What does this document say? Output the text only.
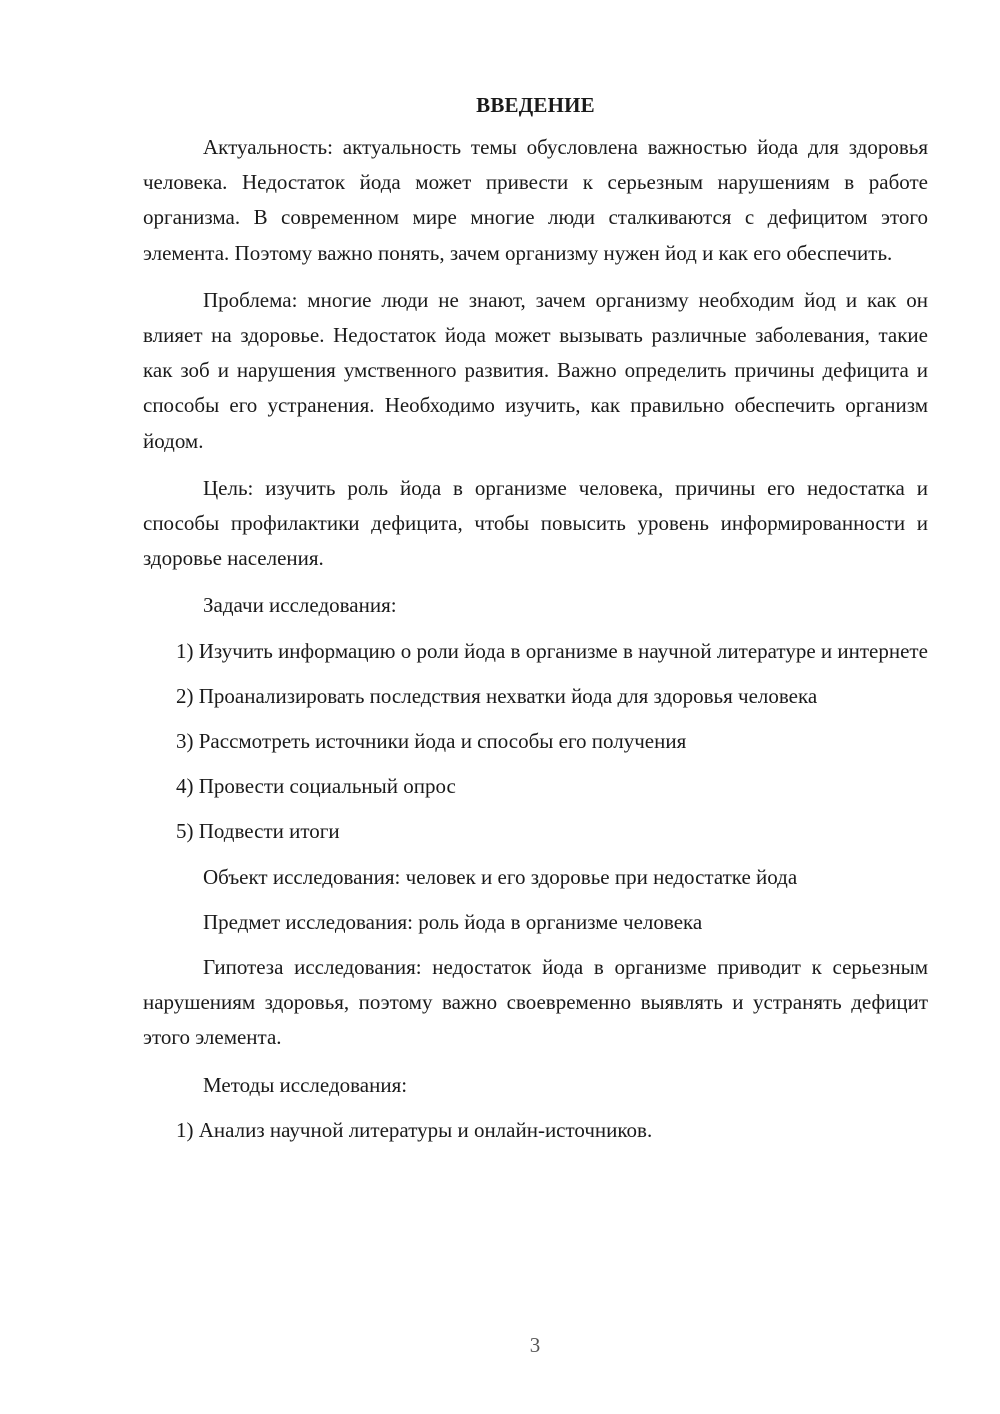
ВВЕДЕНИЕ

Актуальность: актуальность темы обусловлена важностью йода для здоровья человека. Недостаток йода может привести к серьезным нарушениям в работе организма. В современном мире многие люди сталкиваются с дефицитом этого элемента. Поэтому важно понять, зачем организму нужен йод и как его обеспечить.

Проблема: многие люди не знают, зачем организму необходим йод и как он влияет на здоровье. Недостаток йода может вызывать различные заболевания, такие как зоб и нарушения умственного развития. Важно определить причины дефицита и способы его устранения. Необходимо изучить, как правильно обеспечить организм йодом.

Цель: изучить роль йода в организме человека, причины его недостатка и способы профилактики дефицита, чтобы повысить уровень информированности и здоровье населения.

Задачи исследования:

1) Изучить информацию о роли йода в организме в научной литературе и интернете

2) Проанализировать последствия нехватки йода для здоровья человека

3) Рассмотреть источники йода и способы его получения

4) Провести социальный опрос

5) Подвести итоги

Объект исследования: человек и его здоровье при недостатке йода

Предмет исследования: роль йода в организме человека

Гипотеза исследования: недостаток йода в организме приводит к серьезным нарушениям здоровья, поэтому важно своевременно выявлять и устранять дефицит этого элемента.

Методы исследования:

1) Анализ научной литературы и онлайн-источников.

3
